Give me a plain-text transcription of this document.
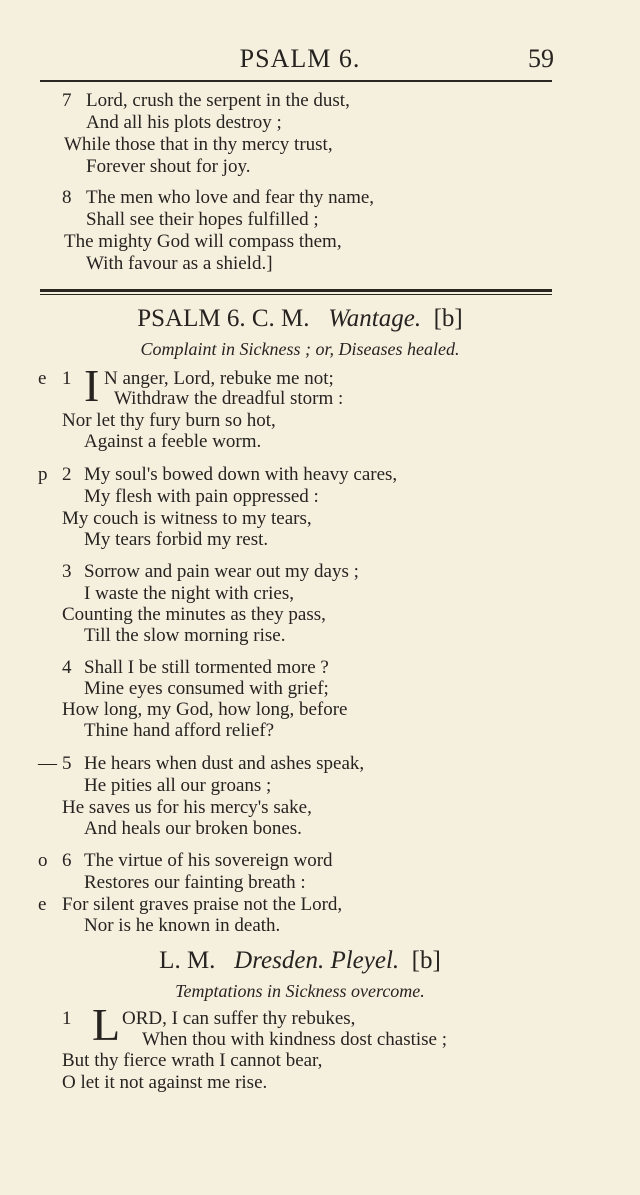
PSALM 6.	59
7 Lord, crush the serpent in the dust,
And all his plots destroy ;
While those that in thy mercy trust,
Forever shout for joy.
8 The men who love and fear thy name,
Shall see their hopes fulfilled ;
The mighty God will compass them,
With favour as a shield.]
PSALM 6. C. M. Wantage. [b]
Complaint in Sickness ; or, Diseases healed.
e 1 I N anger, Lord, rebuke me not;
Withdraw the dreadful storm :
Nor let thy fury burn so hot,
Against a feeble worm.
p 2 My soul's bowed down with heavy cares,
My flesh with pain oppressed :
My couch is witness to my tears,
My tears forbid my rest.
3 Sorrow and pain wear out my days ;
I waste the night with cries,
Counting the minutes as they pass,
Till the slow morning rise.
4 Shall I be still tormented more ?
Mine eyes consumed with grief;
How long, my God, how long, before
Thine hand afford relief?
— 5 He hears when dust and ashes speak,
He pities all our groans ;
He saves us for his mercy's sake,
And heals our broken bones.
o 6 The virtue of his sovereign word
Restores our fainting breath :
e For silent graves praise not the Lord,
Nor is he known in death.
L. M. Dresden. Pleyel. [b]
Temptations in Sickness overcome.
1 L ORD, I can suffer thy rebukes,
When thou with kindness dost chastise ;
But thy fierce wrath I cannot bear,
O let it not against me rise.
